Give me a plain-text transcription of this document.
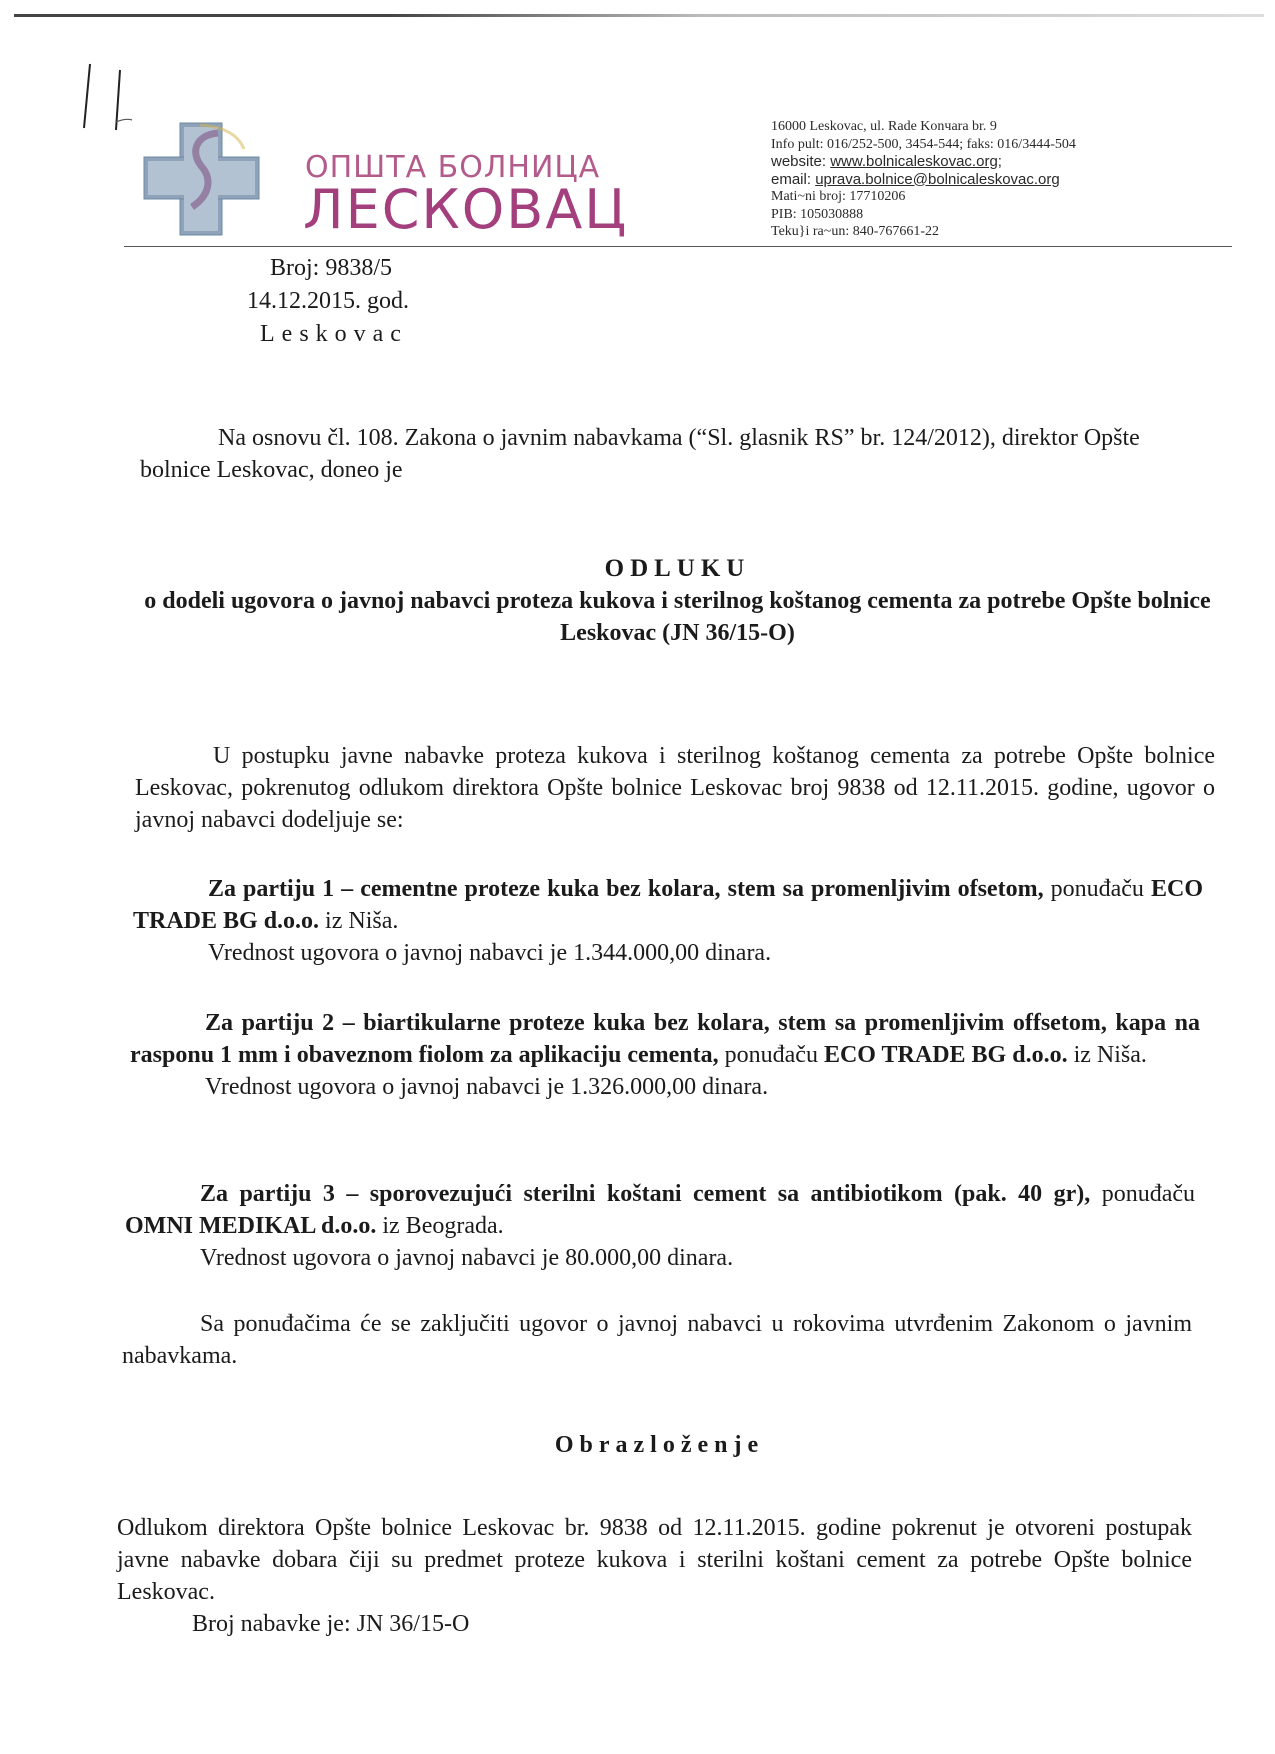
ОПШТА БОЛНИЦА
ЛЕСКОВАЦ
16000 Leskovac, ul. Rade Konчara br. 9
Info pult: 016/252-500, 3454-544; faks: 016/3444-504
website: www.bolnicaleskovac.org;
email: uprava.bolnice@bolnicaleskovac.org
Mati~ni broj: 17710206
PIB: 105030888
Teku}i ra~un: 840-767661-22
Broj: 9838/5
14.12.2015. god.
Leskovac
Na osnovu čl. 108. Zakona o javnim nabavkama (“Sl. glasnik RS” br. 124/2012), direktor Opšte bolnice Leskovac, doneo je
ODLUKU
o dodeli ugovora o javnoj nabavci proteza kukova i sterilnog koštanog cementa za potrebe Opšte bolnice Leskovac (JN 36/15-O)
U postupku javne nabavke proteza kukova i sterilnog koštanog cementa za potrebe Opšte bolnice Leskovac, pokrenutog odlukom direktora Opšte bolnice Leskovac broj 9838 od 12.11.2015. godine, ugovor o javnoj nabavci dodeljuje se:
Za partiju 1 – cementne proteze kuka bez kolara, stem sa promenljivim ofsetom, ponuđaču ECO TRADE BG d.o.o. iz Niša.
Vrednost ugovora o javnoj nabavci je 1.344.000,00 dinara.
Za partiju 2 – biartikularne proteze kuka bez kolara, stem sa promenljivim offsetom, kapa na rasponu 1 mm i obaveznom fiolom za aplikaciju cementa, ponuđaču ECO TRADE BG d.o.o. iz Niša.
Vrednost ugovora o javnoj nabavci je 1.326.000,00 dinara.
Za partiju 3 – sporovezujući sterilni koštani cement sa antibiotikom (pak. 40 gr), ponuđaču OMNI MEDIKAL d.o.o. iz Beograda.
Vrednost ugovora o javnoj nabavci je 80.000,00 dinara.
Sa ponuđačima će se zaključiti ugovor o javnoj nabavci u rokovima utvrđenim Zakonom o javnim nabavkama.
Obrazloženje
Odlukom direktora Opšte bolnice Leskovac br. 9838 od 12.11.2015. godine pokrenut je otvoreni postupak javne nabavke dobara čiji su predmet proteze kukova i sterilni koštani cement za potrebe Opšte bolnice Leskovac.
Broj nabavke je: JN 36/15-O
